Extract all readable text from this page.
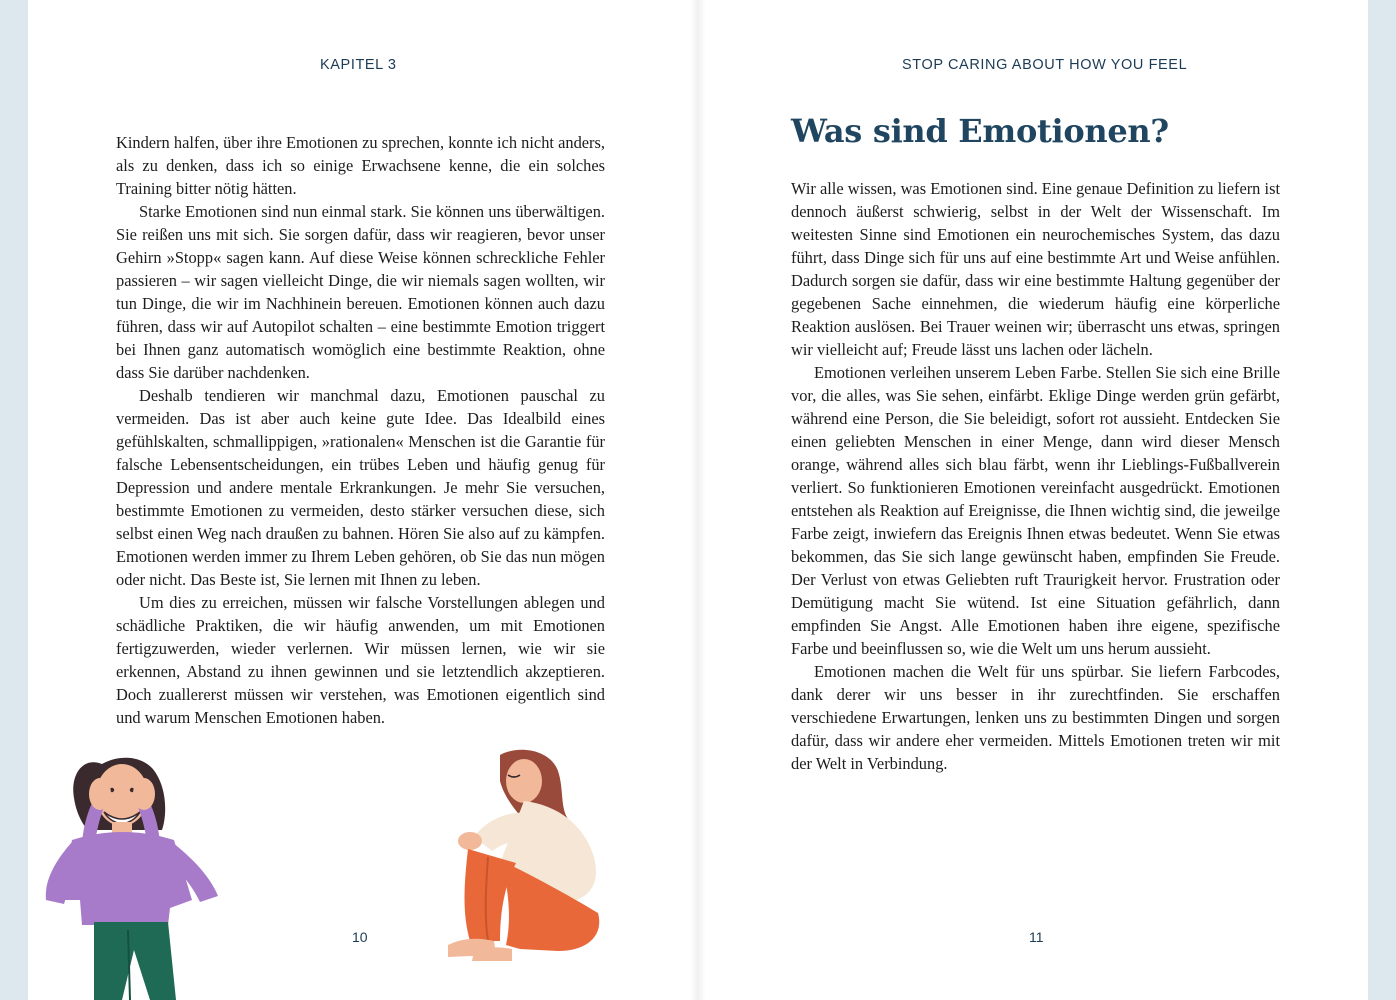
KAPITEL 3

Kindern halfen, über ihre Emotionen zu sprechen, konnte ich nicht anders, als zu denken, dass ich so einige Erwachsene kenne, die ein solches Training bitter nötig hätten.

Starke Emotionen sind nun einmal stark. Sie können uns überwältigen. Sie reißen uns mit sich. Sie sorgen dafür, dass wir reagieren, bevor unser Gehirn »Stopp« sagen kann. Auf diese Weise können schreckliche Fehler passieren – wir sagen vielleicht Dinge, die wir niemals sagen wollten, wir tun Dinge, die wir im Nachhinein bereuen. Emotionen können auch dazu führen, dass wir auf Autopilot schalten – eine bestimmte Emotion triggert bei Ihnen ganz automatisch womöglich eine bestimmte Reaktion, ohne dass Sie darüber nachdenken.

Deshalb tendieren wir manchmal dazu, Emotionen pauschal zu vermeiden. Das ist aber auch keine gute Idee. Das Idealbild eines gefühlskalten, schmallippigen, »rationalen« Menschen ist die Garantie für falsche Lebensentscheidungen, ein trübes Leben und häufig genug für Depression und andere mentale Erkrankungen. Je mehr Sie versuchen, bestimmte Emotionen zu vermeiden, desto stärker versuchen diese, sich selbst einen Weg nach draußen zu bahnen. Hören Sie also auf zu kämpfen. Emotionen werden immer zu Ihrem Leben gehören, ob Sie das nun mögen oder nicht. Das Beste ist, Sie lernen mit Ihnen zu leben.

Um dies zu erreichen, müssen wir falsche Vorstellungen ablegen und schädliche Praktiken, die wir häufig anwenden, um mit Emotionen fertigzuwerden, wieder verlernen. Wir müssen lernen, wie wir sie erkennen, Abstand zu ihnen gewinnen und sie letztendlich akzeptieren. Doch zuallererst müssen wir verstehen, was Emotionen eigentlich sind und warum Menschen Emotionen haben.

10
STOP CARING ABOUT HOW YOU FEEL
Was sind Emotionen?

Wir alle wissen, was Emotionen sind. Eine genaue Definition zu liefern ist dennoch äußerst schwierig, selbst in der Welt der Wissenschaft. Im weitesten Sinne sind Emotionen ein neurochemisches System, das dazu führt, dass Dinge sich für uns auf eine bestimmte Art und Weise anfühlen. Dadurch sorgen sie dafür, dass wir eine bestimmte Haltung gegenüber der gegebenen Sache einnehmen, die wiederum häufig eine körperliche Reaktion auslösen. Bei Trauer weinen wir; überrascht uns etwas, springen wir vielleicht auf; Freude lässt uns lachen oder lächeln.

Emotionen verleihen unserem Leben Farbe. Stellen Sie sich eine Brille vor, die alles, was Sie sehen, einfärbt. Eklige Dinge werden grün gefärbt, während eine Person, die Sie beleidigt, sofort rot aussieht. Entdecken Sie einen geliebten Menschen in einer Menge, dann wird dieser Mensch orange, während alles sich blau färbt, wenn ihr Lieblings-Fußballverein verliert. So funktionieren Emotionen vereinfacht ausgedrückt. Emotionen entstehen als Reaktion auf Ereignisse, die Ihnen wichtig sind, die jeweilge Farbe zeigt, inwiefern das Ereignis Ihnen etwas bedeutet. Wenn Sie etwas bekommen, das Sie sich lange gewünscht haben, empfinden Sie Freude. Der Verlust von etwas Geliebten ruft Traurigkeit hervor. Frustration oder Demütigung macht Sie wütend. Ist eine Situation gefährlich, dann empfinden Sie Angst. Alle Emotionen haben ihre eigene, spezifische Farbe und beeinflussen so, wie die Welt um uns herum aussieht.

Emotionen machen die Welt für uns spürbar. Sie liefern Farbcodes, dank derer wir uns besser in ihr zurechtfinden. Sie erschaffen verschiedene Erwartungen, lenken uns zu bestimmten Dingen und sorgen dafür, dass wir andere eher vermeiden. Mittels Emotionen treten wir mit der Welt in Verbindung.

11
